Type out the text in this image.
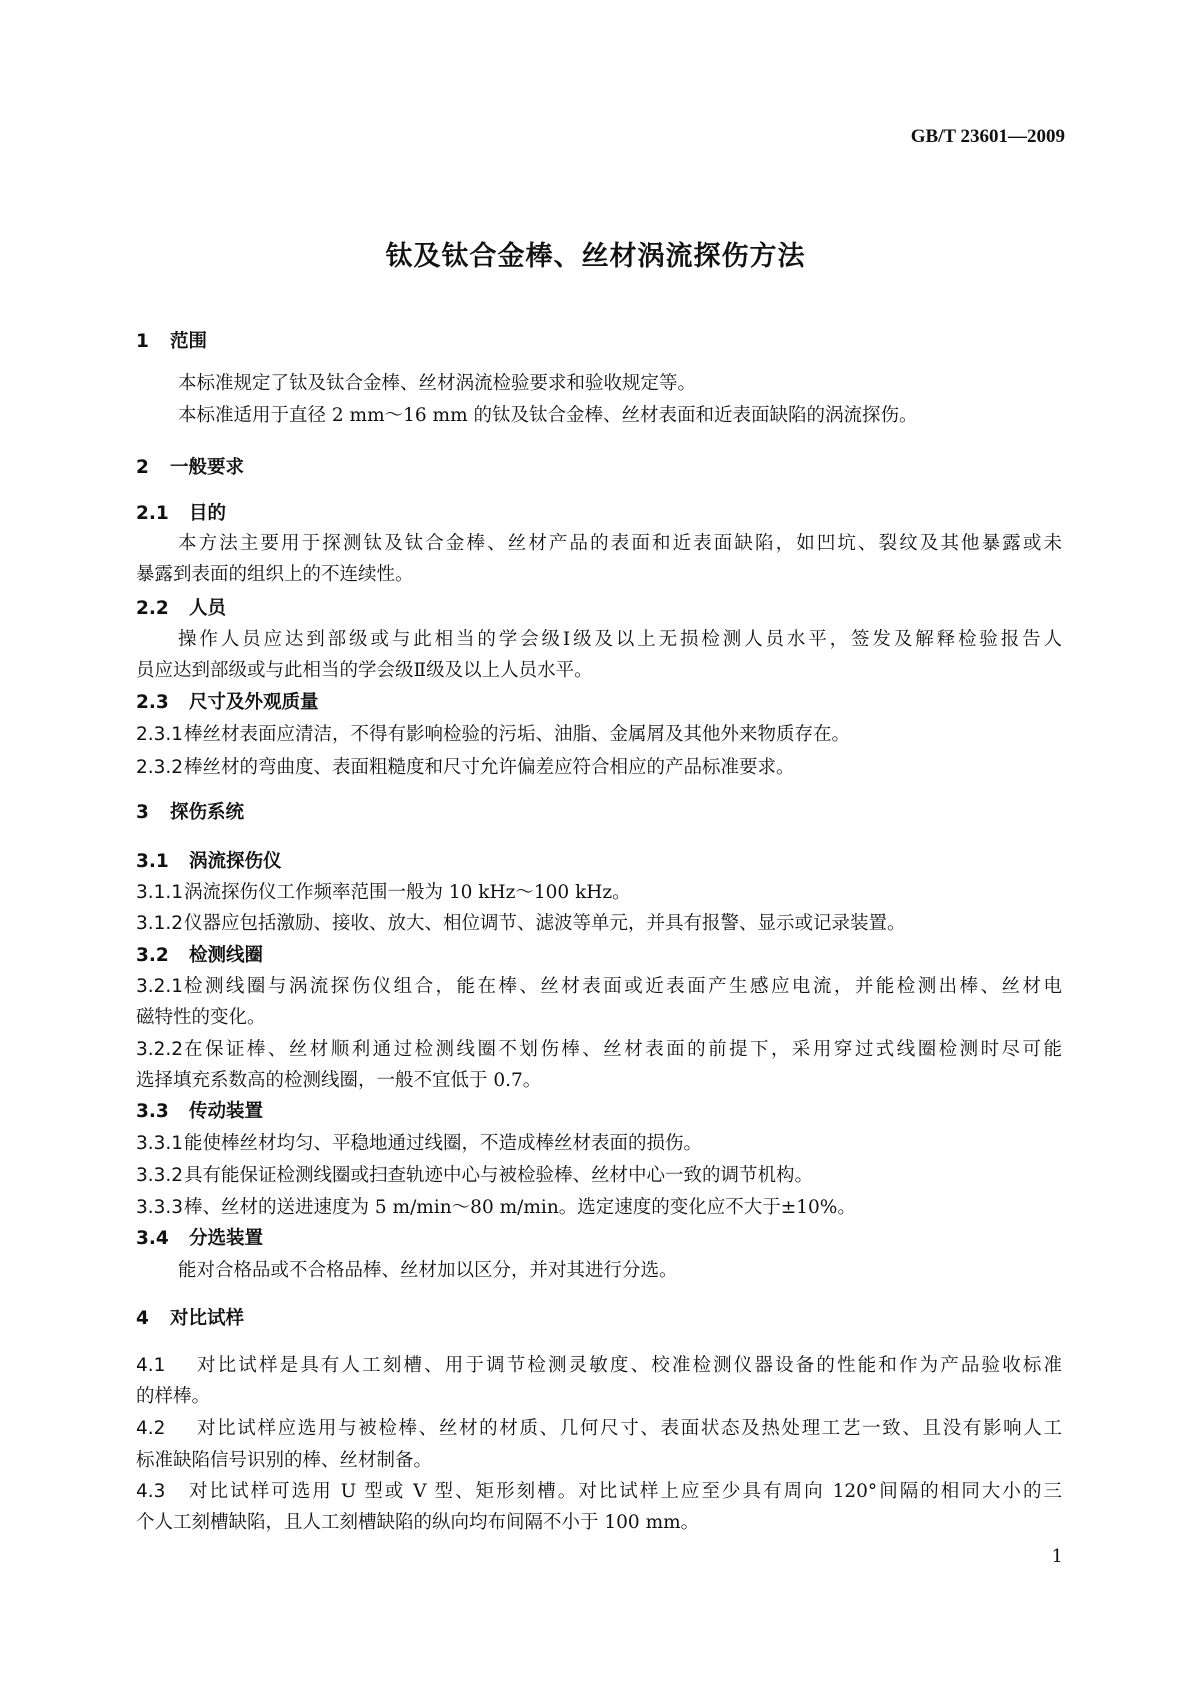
GB/T 23601—2009
钛及钛合金棒、丝材涡流探伤方法
1 范围
本标准规定了钛及钛合金棒、丝材涡流检验要求和验收规定等。
本标准适用于直径 2 mm～16 mm 的钛及钛合金棒、丝材表面和近表面缺陷的涡流探伤。
2 一般要求
2.1 目的
本方法主要用于探测钛及钛合金棒、丝材产品的表面和近表面缺陷，如凹坑、裂纹及其他暴露或未
暴露到表面的组织上的不连续性。
2.2 人员
操作人员应达到部级或与此相当的学会级Ⅰ级及以上无损检测人员水平，签发及解释检验报告人
员应达到部级或与此相当的学会级Ⅱ级及以上人员水平。
2.3 尺寸及外观质量
2.3.1 棒丝材表面应清洁，不得有影响检验的污垢、油脂、金属屑及其他外来物质存在。
2.3.2 棒丝材的弯曲度、表面粗糙度和尺寸允许偏差应符合相应的产品标准要求。
3 探伤系统
3.1 涡流探伤仪
3.1.1 涡流探伤仪工作频率范围一般为 10 kHz～100 kHz。
3.1.2 仪器应包括激励、接收、放大、相位调节、滤波等单元，并具有报警、显示或记录装置。
3.2 检测线圈
3.2.1 检测线圈与涡流探伤仪组合，能在棒、丝材表面或近表面产生感应电流，并能检测出棒、丝材电
磁特性的变化。
3.2.2 在保证棒、丝材顺利通过检测线圈不划伤棒、丝材表面的前提下，采用穿过式线圈检测时尽可能
选择填充系数高的检测线圈，一般不宜低于 0.7。
3.3 传动装置
3.3.1 能使棒丝材均匀、平稳地通过线圈，不造成棒丝材表面的损伤。
3.3.2 具有能保证检测线圈或扫查轨迹中心与被检验棒、丝材中心一致的调节机构。
3.3.3 棒、丝材的送进速度为 5 m/min～80 m/min。选定速度的变化应不大于±10%。
3.4 分选装置
能对合格品或不合格品棒、丝材加以区分，并对其进行分选。
4 对比试样
4.1 对比试样是具有人工刻槽、用于调节检测灵敏度、校准检测仪器设备的性能和作为产品验收标准
的样棒。
4.2 对比试样应选用与被检棒、丝材的材质、几何尺寸、表面状态及热处理工艺一致、且没有影响人工
标准缺陷信号识别的棒、丝材制备。
4.3 对比试样可选用 U 型或 V 型、矩形刻槽。对比试样上应至少具有周向 120°间隔的相同大小的三
个人工刻槽缺陷，且人工刻槽缺陷的纵向均布间隔不小于 100 mm。
1
